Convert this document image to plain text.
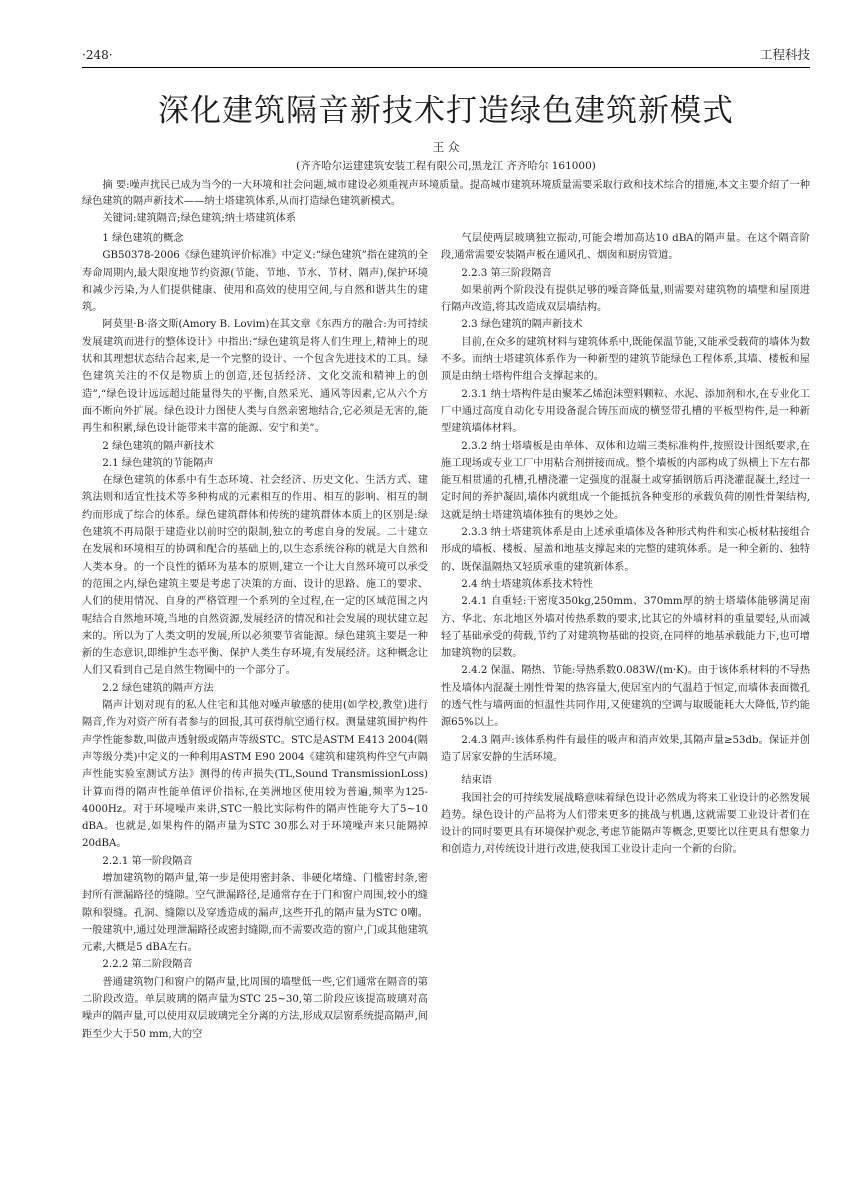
·248·	工程科技
深化建筑隔音新技术打造绿色建筑新模式
王 众
(齐齐哈尔运建建筑安装工程有限公司,黑龙江 齐齐哈尔 161000)
摘 要:噪声扰民已成为当今的一大环境和社会问题,城市建设必须重视声环境质量。提高城市建筑环境质量需要采取行政和技术综合的措施,本文主要介绍了一种绿色建筑的隔声新技术——纳士塔建筑体系,从而打造绿色建筑新模式。
关键词:建筑隔音;绿色建筑;纳士塔建筑体系
1 绿色建筑的概念

GB50378-2006《绿色建筑评价标准》中定义:“绿色建筑”指在建筑的全寿命周期内,最大限度地节约资源(节能、节地、节水、节材、隔声),保护环境和减少污染,为人们提供健康、使用和高效的使用空间,与自然和谐共生的建筑。

阿莫里·B·洛文斯(Amory B. Lovim)在其文章《东西方的融合:为可持续发展建筑而进行的整体设计》中指出:“绿色建筑是将人们生理上,精神上的现状和其理想状态结合起来,是一个完整的设计、一个包含先进技术的工具。绿色建筑关注的不仅是物质上的创造,还包括经济、文化交流和精神上的创造”,“绿色设计远远超过能量得失的平衡,自然采光、通风等因素,它从六个方面不断向外扩展。绿色设计力图使人类与自然亲密地结合,它必须是无害的,能再生和积累,绿色设计能带来丰富的能源、安宁和美”。

2 绿色建筑的隔声新技术
2.1 绿色建筑的节能隔声

在绿色建筑的体系中有生态环境、社会经济、历史文化、生活方式、建筑法则和适宜性技术等多种构成的元素相互的作用、相互的影响、相互的制约而形成了综合的体系。绿色建筑群体和传统的建筑群体本质上的区别是:绿色建筑不再局限于建造业以前时空的限制,独立的考虑自身的发展。二十建立在发展和环境相互的协调和配合的基础上的,以生态系统谷称的就是大自然和人类本身。的一个良性的循环为基本的原则,建立一个让大自然环境可以承受的范围之内,绿色建筑主要是考虑了决策的方面、设计的思路、施工的要求、人们的使用情况、自身的严格管理一个系列的全过程,在一定的区域范围之内呢结合自然地环境,当地的自然资源,发展经济的情况和社会发展的现状建立起来的。所以为了人类文明的发展,所以必须要节省能源。绿色建筑主要是一种新的生态意识,即维护生态平衡、保护人类生存环境,有发展经济。这种概念让人们又看到自己是自然生物圈中的一个部分了。

2.2 绿色建筑的隔声方法

隔声计划对现有的私人住宅和其他对噪声敏感的使用(如学校,教堂)进行隔音,作为对资产所有者参与的回报,其可获得航空通行权。测量建筑围护构件声学性能参数,叫做声透射级或隔声等级STC。STC是ASTM E413 2004(隔声等级分类)中定义的一种利用ASTM E90 2004《建筑和建筑构件空气声隔声性能实验室测试方法》测得的传声损失(TL,Sound TransmissionLoss)计算而得的隔声性能单值评价指标,在美洲地区使用较为普遍,频率为125-4000Hz。对于环境噪声来讲,STC一般比实际构件的隔声性能夸大了5~10 dBA。也就是,如果构件的隔声量为STC 30那么对于环境噪声来只能隔掉20dBA。

2.2.1 第一阶段隔音

增加建筑物的隔声量,第一步是使用密封条、非硬化堵缝、门槛密封条,密封所有泄漏路径的缝隙。空气泄漏路径,是通常存在于门和窗户周围,较小的缝隙和裂缝。孔洞、缝隙以及穿透造成的漏声,这些开孔的隔声量为STC 0嘲。一般建筑中,通过处理泄漏路径或密封缝隙,而不需要改造的窗户,门或其他建筑元素,大概是5 dBA左右。

2.2.2 第二阶段隔音

普通建筑物门和窗户的隔声量,比周围的墙壁低一些,它们通常在隔音的第二阶段改造。单层玻璃的隔声量为STC 25~30,第二阶段应该提高玻璃对高噪声的隔声量,可以使用双层玻璃完全分离的方法,形成双层窗系统提高隔声,间距至少大于50 mm,大的空

气层使两层玻璃独立振动,可能会增加高达10 dBA的隔声量。在这个隔音阶段,通常需要安装隔声板在通风孔、烟囱和厨房管道。

2.2.3 第三阶段隔音

如果前两个阶段没有提供足够的噪音降低量,则需要对建筑物的墙壁和屋顶进行隔声改造,将其改造成双层墙结构。

2.3 绿色建筑的隔声新技术

目前,在众多的建筑材料与建筑体系中,既能保温节能,又能承受载荷的墙体为数不多。而纳士塔建筑体系作为一种新型的建筑节能绿色工程体系,其墙、楼板和屋顶是由纳士塔构件组合支撑起来的。

2.3.1 纳士塔构件是由聚苯乙烯泡沫塑料颗粒、水泥、添加剂和水,在专业化工厂中通过高度自动化专用设备混合铸压而成的横竖带孔槽的平板型构件,是一种新型建筑墙体材料。

2.3.2 纳士塔墙板是由单体、双体和边端三类标准构件,按照设计图纸要求,在施工现场或专业工厂中用粘合剂拼接而成。整个墙板的内部构成了纵横上下左右都能互相贯通的孔槽,孔槽浇灌一定强度的混凝土或穿插钢筋后再浇灌混凝土,经过一定时间的养护凝固,墙体内就组成一个能抵抗各种变形的承载负荷的刚性骨架结构,这就是纳士塔建筑墙体独有的奥妙之处。

2.3.3 纳士塔建筑体系是由上述承重墙体及各种形式构件和实心板材粘接组合形成的墙板、楼板、屋盖和地基支撑起来的完整的建筑体系。是一种全新的、独特的、既保温隔热又轻质承重的建筑新体系。

2.4 纳士塔建筑体系技术特性

2.4.1 自重轻:干密度350kg,250mm、370mm厚的纳士塔墙体能够满足南方、华北、东北地区外墙对传热系数的要求,比其它的外墙材料的重量要轻,从而减轻了基础承受的荷载,节约了对建筑物基础的投资,在同样的地基承载能力下,也可增加建筑物的层数。

2.4.2 保温、隔热、节能:导热系数0.083W/(m·K)。由于该体系材料的不导热性及墙体内混凝土刚性骨架的热容量大,使居室内的气温趋于恒定,而墙体表面微孔的透气性与墙两面的恒温性共同作用,又使建筑的空调与取暖能耗大大降低,节约能源65%以上。

2.4.3 隔声:该体系构件有最佳的吸声和消声效果,其隔声量≥53db。保证并创造了居家安静的生活环境。

结束语

我国社会的可持续发展战略意味着绿色设计必然成为将来工业设计的必然发展趋势。绿色设计的产品将为人们带来更多的挑战与机遇,这就需要工业设计者们在设计的同时要更具有环境保护观念,考虑节能隔声等概念,更要比以往更具有想象力和创造力,对传统设计进行改进,使我国工业设计走向一个新的台阶。
